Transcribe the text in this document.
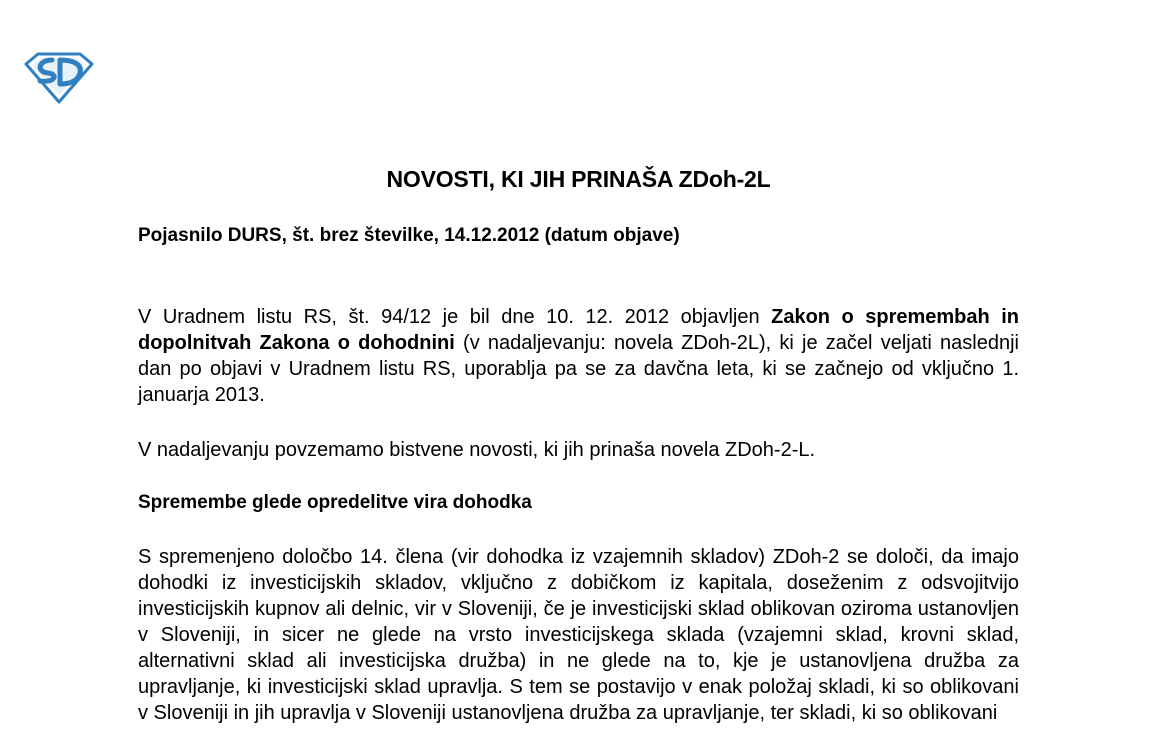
NOVOSTI, KI JIH PRINAŠA ZDoh-2L
Pojasnilo DURS, št. brez številke, 14.12.2012 (datum objave)
V Uradnem listu RS, št. 94/12 je bil dne 10. 12. 2012 objavljen Zakon o spremembah in dopolnitvah Zakona o dohodnini (v nadaljevanju: novela ZDoh-2L), ki je začel veljati naslednji dan po objavi v Uradnem listu RS, uporablja pa se za davčna leta, ki se začnejo od vključno 1. januarja 2013.
V nadaljevanju povzemamo bistvene novosti, ki jih prinaša novela ZDoh-2-L.
Spremembe glede opredelitve vira dohodka
S spremenjeno določbo 14. člena (vir dohodka iz vzajemnih skladov) ZDoh-2 se določi, da imajo dohodki iz investicijskih skladov, vključno z dobičkom iz kapitala, doseženim z odsvojitvijo investicijskih kupnov ali delnic, vir v Sloveniji, če je investicijski sklad oblikovan oziroma ustanovljen v Sloveniji, in sicer ne glede na vrsto investicijskega sklada (vzajemni sklad, krovni sklad, alternativni sklad ali investicijska družba) in ne glede na to, kje je ustanovljena družba za upravljanje, ki investicijski sklad upravlja. S tem se postavijo v enak položaj skladi, ki so oblikovani v Sloveniji in jih upravlja v Sloveniji ustanovljena družba za upravljanje, ter skladi, ki so oblikovani
